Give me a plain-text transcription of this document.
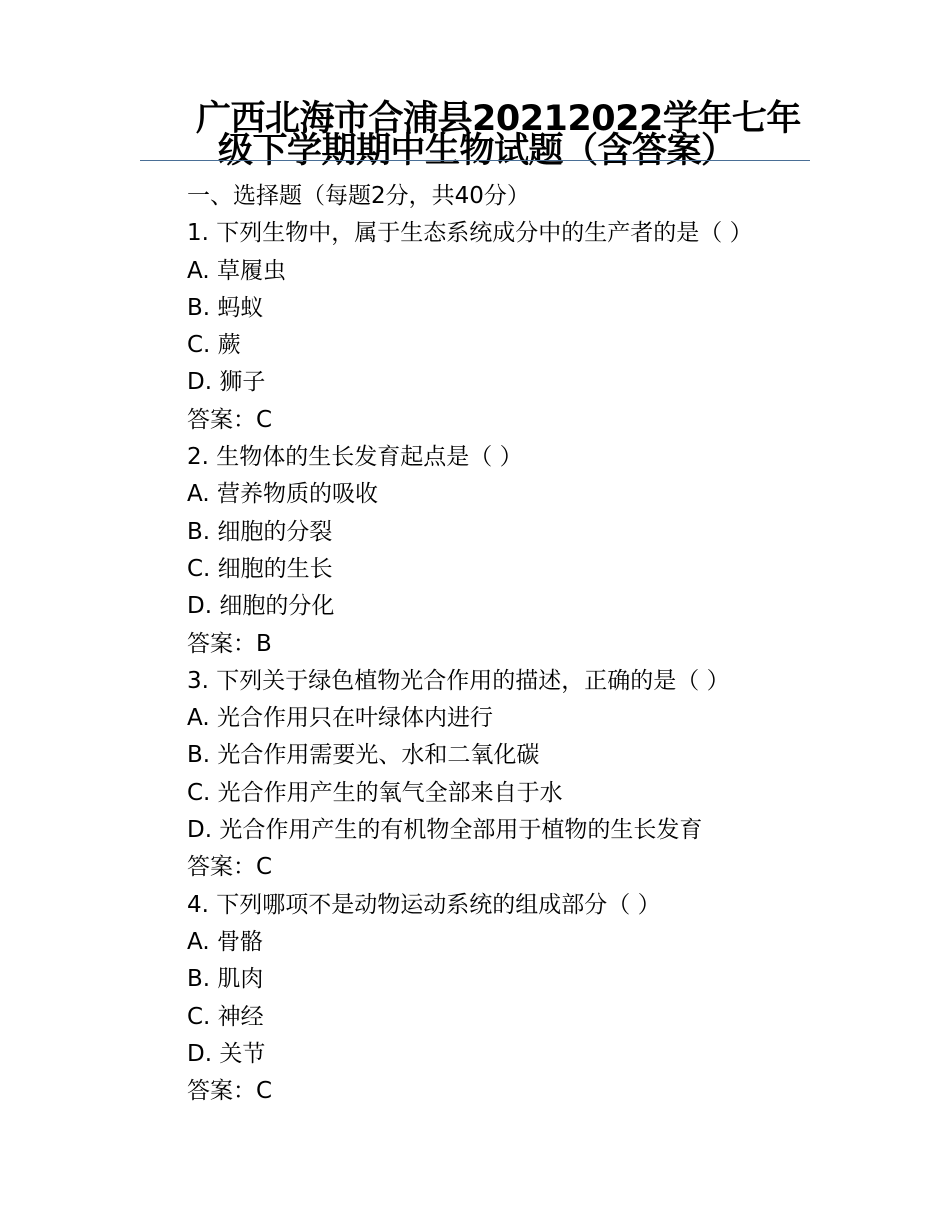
广西北海市合浦县20212022学年七年
级下学期期中生物试题（含答案）
一、选择题（每题2分，共40分）
1. 下列生物中，属于生态系统成分中的生产者的是（ ）
A. 草履虫
B. 蚂蚁
C. 蕨
D. 狮子
答案：C
2. 生物体的生长发育起点是（ ）
A. 营养物质的吸收
B. 细胞的分裂
C. 细胞的生长
D. 细胞的分化
答案：B
3. 下列关于绿色植物光合作用的描述，正确的是（ ）
A. 光合作用只在叶绿体内进行
B. 光合作用需要光、水和二氧化碳
C. 光合作用产生的氧气全部来自于水
D. 光合作用产生的有机物全部用于植物的生长发育
答案：C
4. 下列哪项不是动物运动系统的组成部分（ ）
A. 骨骼
B. 肌肉
C. 神经
D. 关节
答案：C
